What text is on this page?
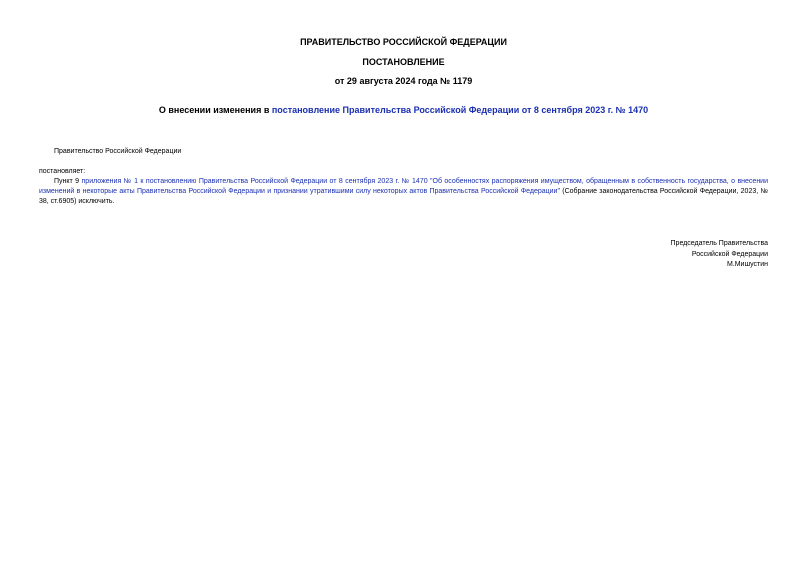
ПРАВИТЕЛЬСТВО РОССИЙСКОЙ ФЕДЕРАЦИИ
ПОСТАНОВЛЕНИЕ
от 29 августа 2024 года № 1179
О внесении изменения в постановление Правительства Российской Федерации от 8 сентября 2023 г. № 1470
Правительство Российской Федерации
постановляет:
Пункт 9 приложения № 1 к постановлению Правительства Российской Федерации от 8 сентября 2023 г. № 1470 "Об особенностях распоряжения имуществом, обращенным в собственность государства, о внесении изменений в некоторые акты Правительства Российской Федерации и признании утратившими силу некоторых актов Правительства Российской Федерации" (Собрание законодательства Российской Федерации, 2023, № 38, ст.6905) исключить.
Председатель Правительства
Российской Федерации
М.Мишустин
